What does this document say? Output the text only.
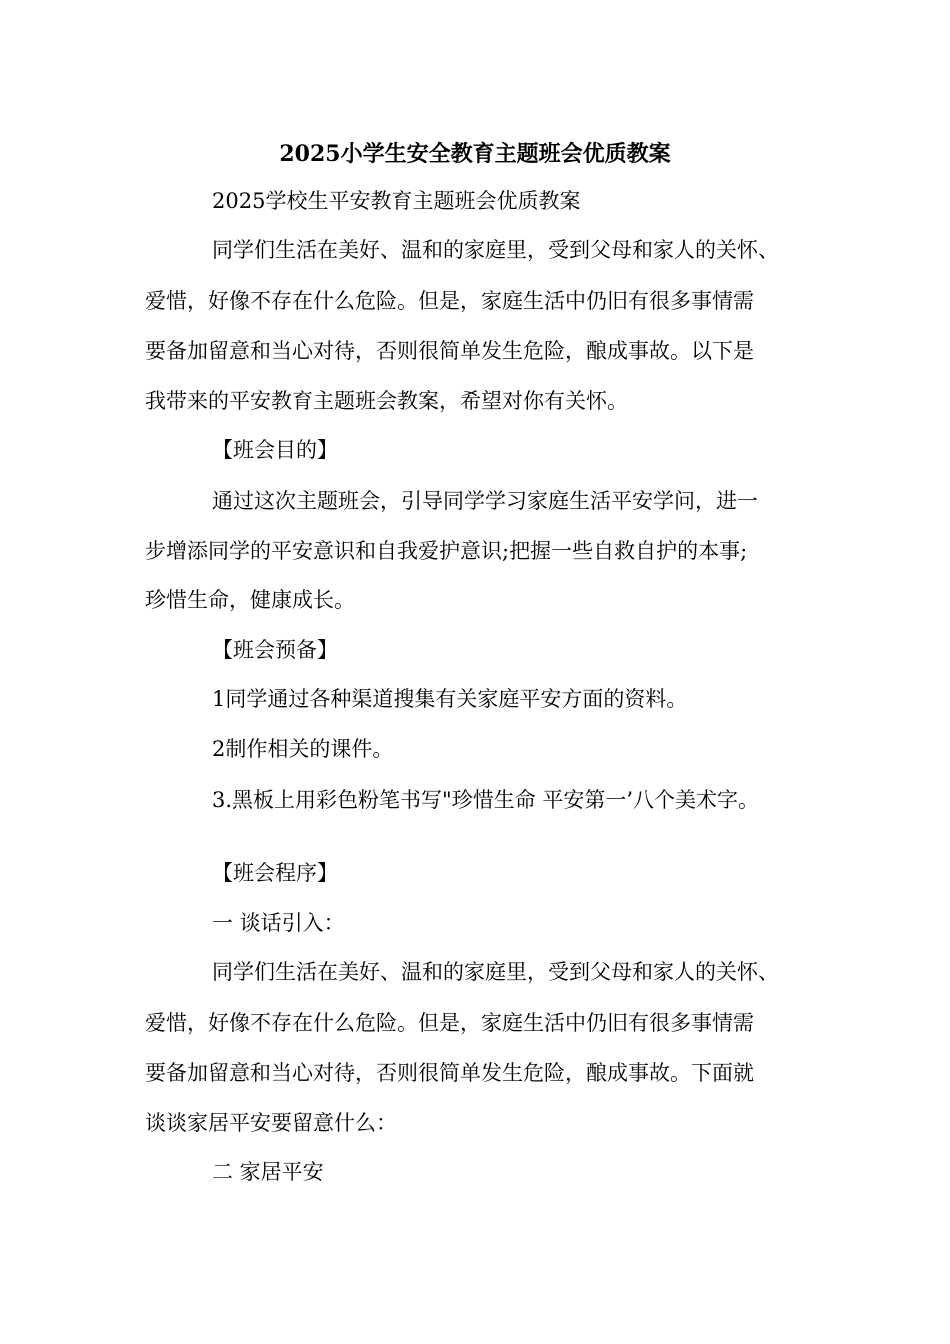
2025小学生安全教育主题班会优质教案
2025学校生平安教育主题班会优质教案
同学们生活在美好、温和的家庭里，受到父母和家人的关怀、
爱惜，好像不存在什么危险。但是，家庭生活中仍旧有很多事情需
要备加留意和当心对待，否则很简单发生危险，酿成事故。以下是
我带来的平安教育主题班会教案，希望对你有关怀。
【班会目的】
通过这次主题班会，引导同学学习家庭生活平安学问，进一
步增添同学的平安意识和自我爱护意识;把握一些自救自护的本事;
珍惜生命，健康成长。
【班会预备】
1同学通过各种渠道搜集有关家庭平安方面的资料。
2制作相关的课件。
3.黑板上用彩色粉笔书写"珍惜生命 平安第一’八个美术字。
【班会程序】
一 谈话引入：
同学们生活在美好、温和的家庭里，受到父母和家人的关怀、
爱惜，好像不存在什么危险。但是，家庭生活中仍旧有很多事情需
要备加留意和当心对待，否则很简单发生危险，酿成事故。下面就
谈谈家居平安要留意什么：
二 家居平安
